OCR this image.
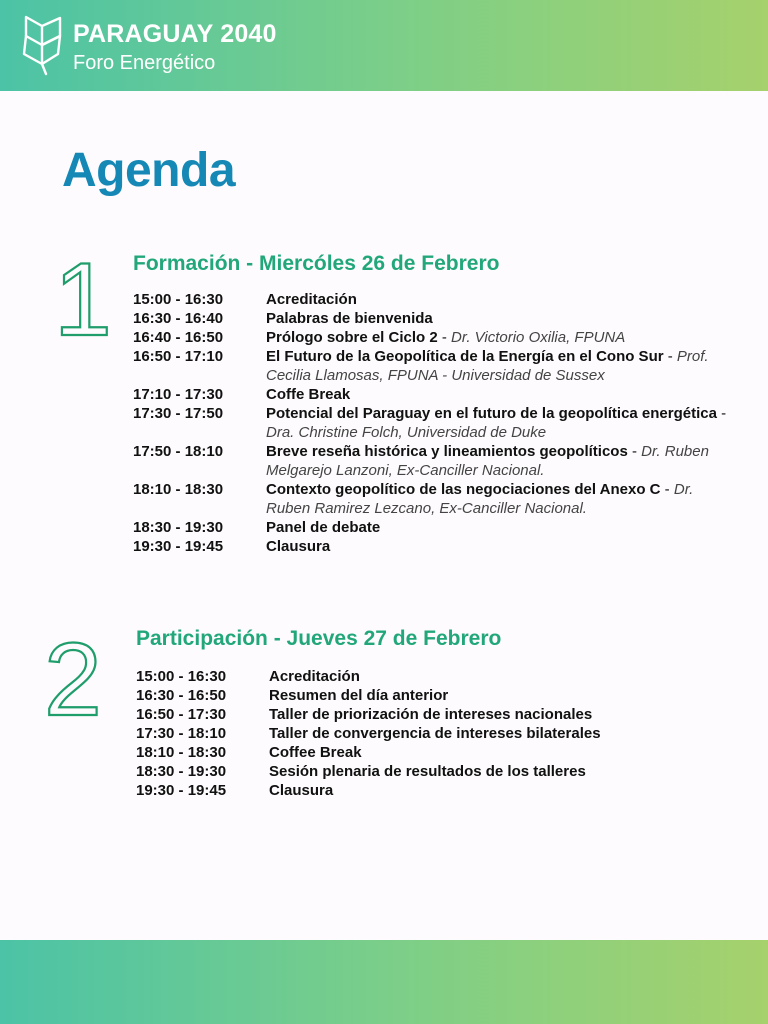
PARAGUAY 2040
Foro Energético
Agenda
1 Formación - Miercóles 26 de Febrero
15:00 - 16:30	Acreditación
16:30 - 16:40	Palabras de bienvenida
16:40 - 16:50	Prólogo sobre el Ciclo 2 - Dr. Victorio Oxilia, FPUNA
16:50 - 17:10	El Futuro de la Geopolítica de la Energía en el Cono Sur - Prof. Cecilia Llamosas, FPUNA - Universidad de Sussex
17:10 - 17:30	Coffe Break
17:30 - 17:50	Potencial del Paraguay en el futuro de la geopolítica energética - Dra. Christine Folch, Universidad de Duke
17:50 - 18:10	Breve reseña histórica y lineamientos geopolíticos - Dr. Ruben Melgarejo Lanzoni, Ex-Canciller Nacional.
18:10 - 18:30	Contexto geopolítico de las negociaciones del Anexo C - Dr. Ruben Ramirez Lezcano, Ex-Canciller Nacional.
18:30 - 19:30	Panel de debate
19:30 - 19:45	Clausura
2 Participación - Jueves 27 de Febrero
15:00 - 16:30	Acreditación
16:30 - 16:50	Resumen del día anterior
16:50 - 17:30	Taller de priorización de intereses nacionales
17:30 - 18:10	Taller de convergencia de intereses bilaterales
18:10 - 18:30	Coffee Break
18:30 - 19:30	Sesión plenaria de resultados de los talleres
19:30 - 19:45	Clausura
